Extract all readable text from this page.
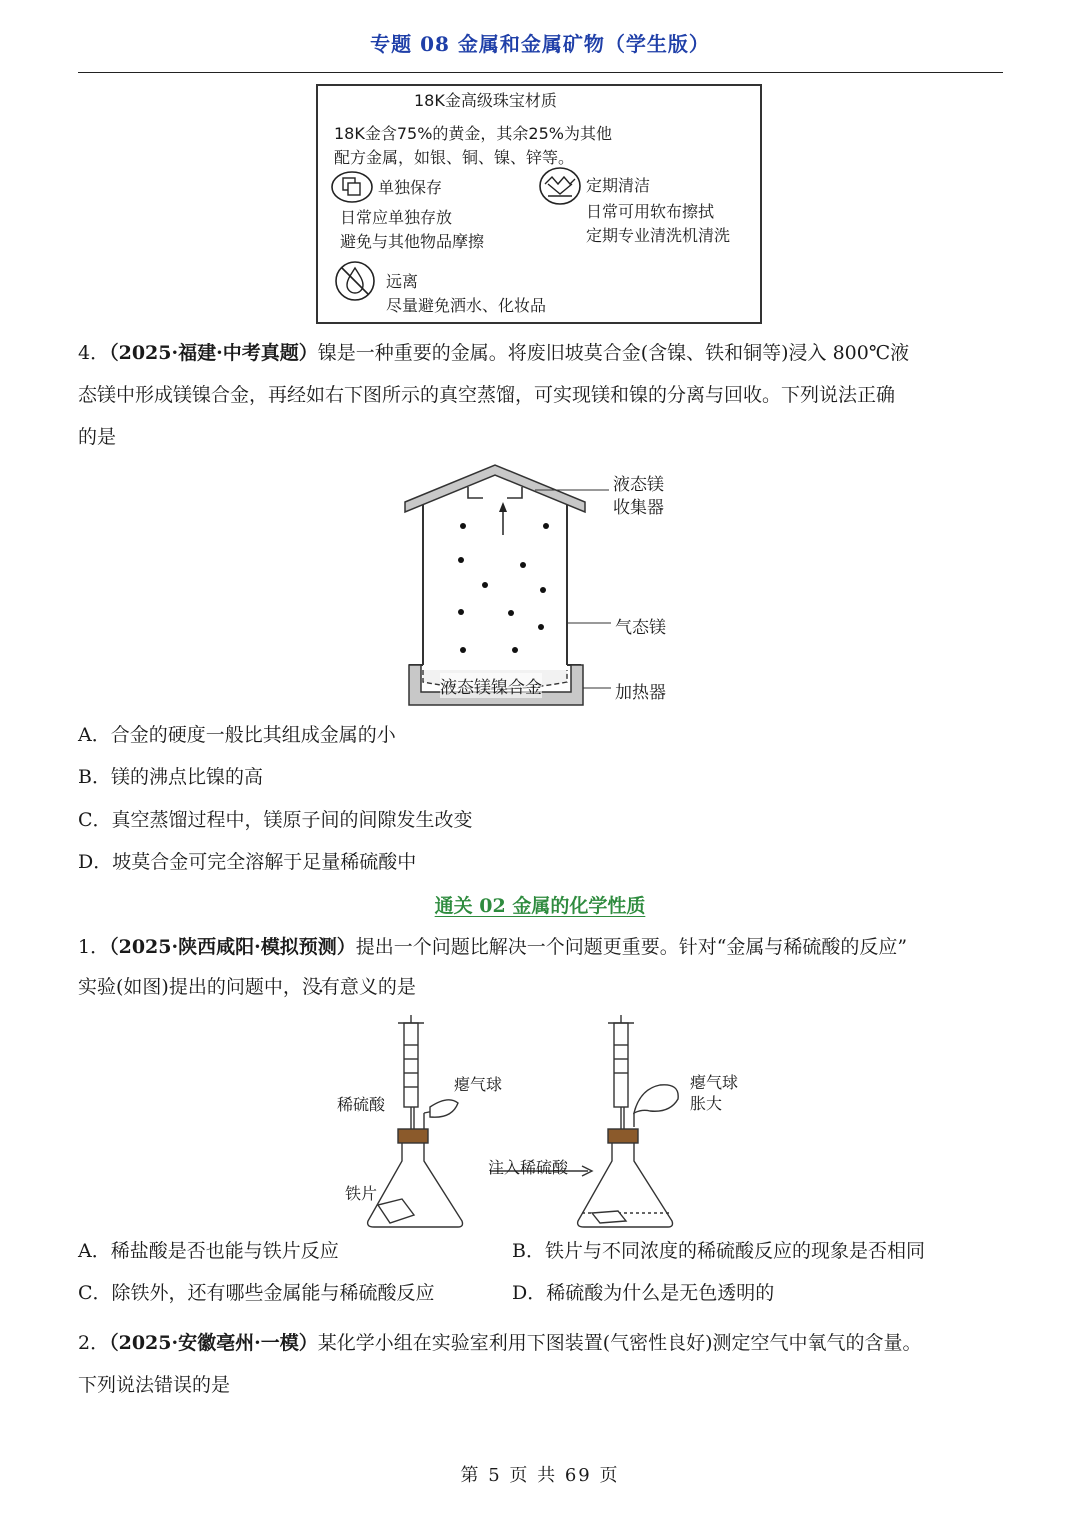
专题 08 金属和金属矿物（学生版）
18K金高级珠宝材质
18K金含75%的黄金，其余25%为其他
配方金属，如银、铜、镍、锌等。
单独保存
日常应单独存放
避免与其他物品摩擦
定期清洁
日常可用软布擦拭
定期专业清洗机清洗
远离
尽量避免洒水、化妆品
4．（2025·福建·中考真题）镍是一种重要的金属。将废旧坡莫合金(含镍、铁和铜等)浸入 800℃液
态镁中形成镁镍合金，再经如右下图所示的真空蒸馏，可实现镁和镍的分离与回收。下列说法正确
的是
液态镁
收集器
气态镁
加热器
液态镁镍合金
A．合金的硬度一般比其组成金属的小
B．镁的沸点比镍的高
C．真空蒸馏过程中，镁原子间的间隙发生改变
D．坡莫合金可完全溶解于足量稀硫酸中
通关 02 金属的化学性质
1．（2025·陕西咸阳·模拟预测）提出一个问题比解决一个问题更重要。针对“金属与稀硫酸的反应”
实验(如图)提出的问题中，没有意义的是
稀硫酸
瘪气球
铁片
注入稀硫酸
瘪气球
胀大
A．稀盐酸是否也能与铁片反应	B．铁片与不同浓度的稀硫酸反应的现象是否相同
C．除铁外，还有哪些金属能与稀硫酸反应	D．稀硫酸为什么是无色透明的
2．（2025·安徽亳州·一模）某化学小组在实验室利用下图装置(气密性良好)测定空气中氧气的含量。
下列说法错误的是
第 5 页 共 69 页
